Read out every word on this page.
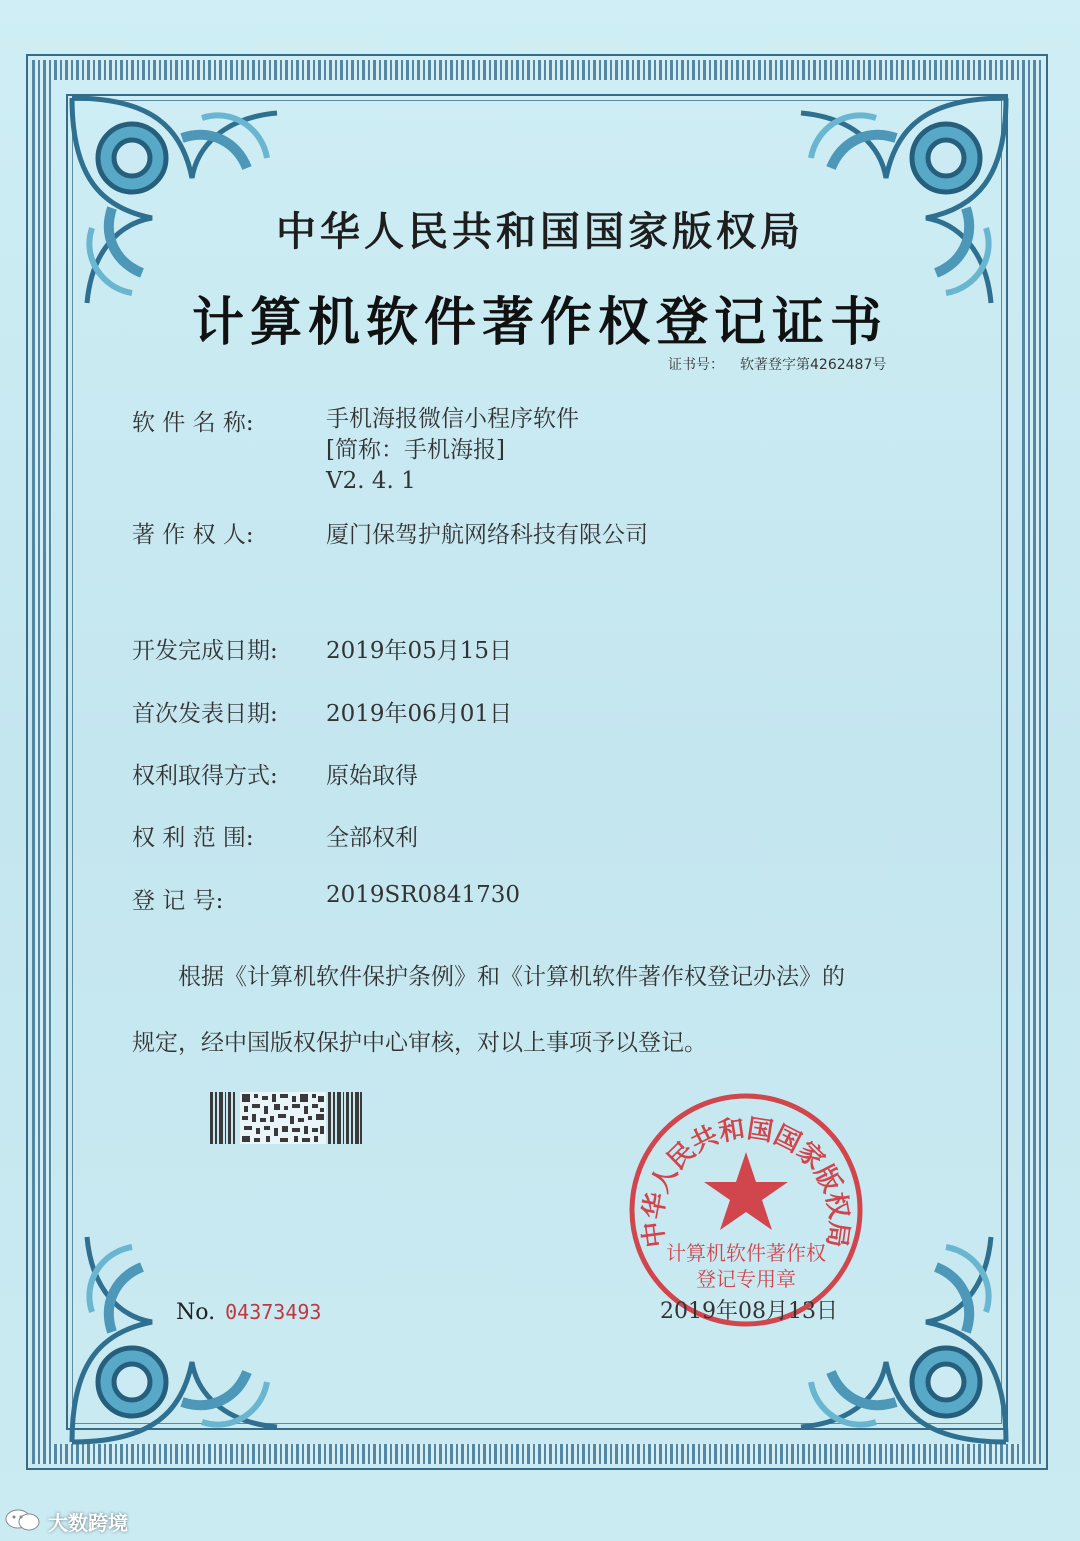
中华人民共和国国家版权局
计算机软件著作权登记证书
证书号： 软著登字第4262487号
软 件 名 称:	手机海报微信小程序软件
[简称：手机海报]
V2. 4. 1
著 作 权 人:	厦门保驾护航网络科技有限公司
开发完成日期:	2019年05月15日
首次发表日期:	2019年06月01日
权利取得方式:	原始取得
权 利 范 围:	全部权利
登 记 号:	2019SR0841730
根据《计算机软件保护条例》和《计算机软件著作权登记办法》的
规定，经中国版权保护中心审核，对以上事项予以登记。
No. 04373493
中华人民共和国国家版权局
计算机软件著作权
登记专用章
2019年08月13日
大数跨境
